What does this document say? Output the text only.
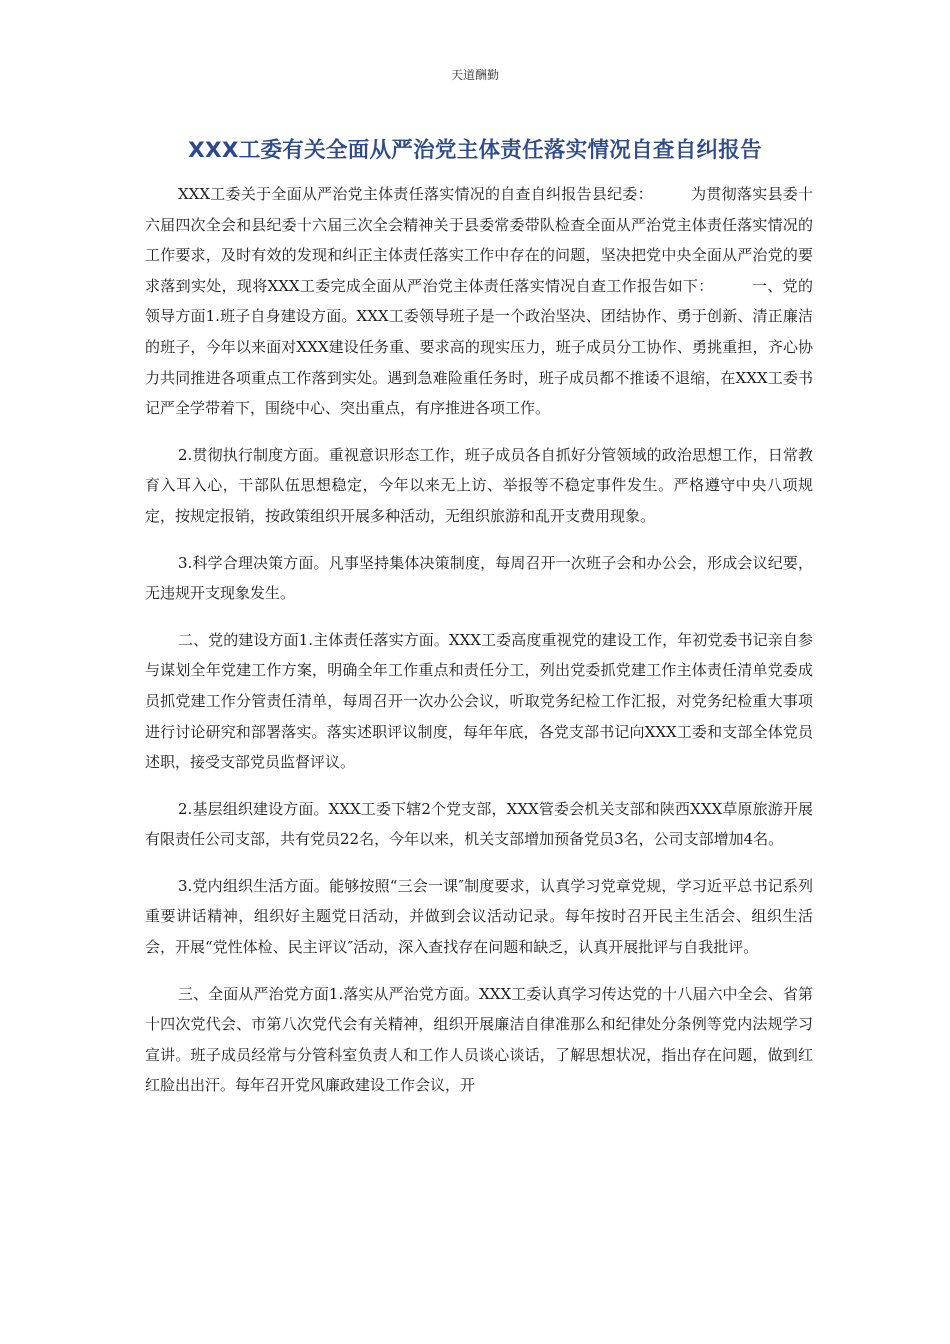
天道酬勤
XXX工委有关全面从严治党主体责任落实情况自查自纠报告

XXX工委关于全面从严治党主体责任落实情况的自查自纠报告县纪委：　　　为贯彻落实县委十六届四次全会和县纪委十六届三次全会精神关于县委常委带队检查全面从严治党主体责任落实情况的工作要求，及时有效的发现和纠正主体责任落实工作中存在的问题，坚决把党中央全面从严治党的要求落到实处，现将XXX工委完成全面从严治党主体责任落实情况自查工作报告如下：　　　一、党的领导方面1.班子自身建设方面。XXX工委领导班子是一个政治坚决、团结协作、勇于创新、清正廉洁的班子，今年以来面对XXX建设任务重、要求高的现实压力，班子成员分工协作、勇挑重担，齐心协力共同推进各项重点工作落到实处。遇到急难险重任务时，班子成员都不推诿不退缩，在XXX工委书记严全学带着下，围绕中心、突出重点，有序推进各项工作。

2.贯彻执行制度方面。重视意识形态工作，班子成员各自抓好分管领域的政治思想工作，日常教育入耳入心，干部队伍思想稳定，今年以来无上访、举报等不稳定事件发生。严格遵守中央八项规定，按规定报销，按政策组织开展多种活动，无组织旅游和乱开支费用现象。

3.科学合理决策方面。凡事坚持集体决策制度，每周召开一次班子会和办公会，形成会议纪要，无违规开支现象发生。

二、党的建设方面1.主体责任落实方面。XXX工委高度重视党的建设工作，年初党委书记亲自参与谋划全年党建工作方案，明确全年工作重点和责任分工，列出党委抓党建工作主体责任清单党委成员抓党建工作分管责任清单，每周召开一次办公会议，听取党务纪检工作汇报，对党务纪检重大事项进行讨论研究和部署落实。落实述职评议制度，每年年底，各党支部书记向XXX工委和支部全体党员述职，接受支部党员监督评议。

2.基层组织建设方面。XXX工委下辖2个党支部，XXX管委会机关支部和陕西XXX草原旅游开展有限责任公司支部，共有党员22名，今年以来，机关支部增加预备党员3名，公司支部增加4名。

3.党内组织生活方面。能够按照“三会一课″制度要求，认真学习党章党规，学习近平总书记系列重要讲话精神，组织好主题党日活动，并做到会议活动记录。每年按时召开民主生活会、组织生活会，开展“党性体检、民主评议″活动，深入查找存在问题和缺乏，认真开展批评与自我批评。

三、全面从严治党方面1.落实从严治党方面。XXX工委认真学习传达党的十八届六中全会、省第十四次党代会、市第八次党代会有关精神，组织开展廉洁自律准那么和纪律处分条例等党内法规学习宣讲。班子成员经常与分管科室负责人和工作人员谈心谈话，了解思想状况，指出存在问题，做到红红脸出出汗。每年召开党风廉政建设工作会议，开
